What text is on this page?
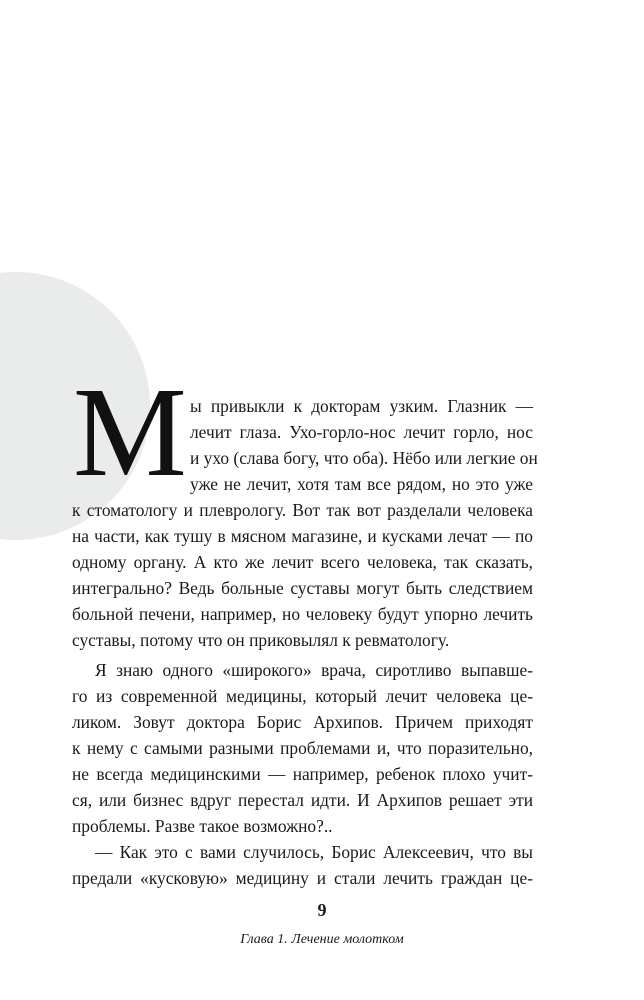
М ы привыкли к докторам узким. Глазник —
лечит глаза. Ухо-горло-нос лечит горло, нос
и ухо (слава богу, что оба). Нёбо или легкие он
уже не лечит, хотя там все рядом, но это уже
к стоматологу и плеврологу. Вот так вот разделали человека
на части, как тушу в мясном магазине, и кусками лечат — по
одному органу. А кто же лечит всего человека, так сказать,
интегрально? Ведь больные суставы могут быть следствием
больной печени, например, но человеку будут упорно лечить
суставы, потому что он приковылял к ревматологу.
Я знаю одного «широкого» врача, сиротливо выпавше-
го из современной медицины, который лечит человека це-
ликом. Зовут доктора Борис Архипов. Причем приходят
к нему с самыми разными проблемами и, что поразительно,
не всегда медицинскими — например, ребенок плохо учит-
ся, или бизнес вдруг перестал идти. И Архипов решает эти
проблемы. Разве такое возможно?..
— Как это с вами случилось, Борис Алексеевич, что вы
предали «кусковую» медицину и стали лечить граждан це-
9
Глава 1. Лечение молотком
